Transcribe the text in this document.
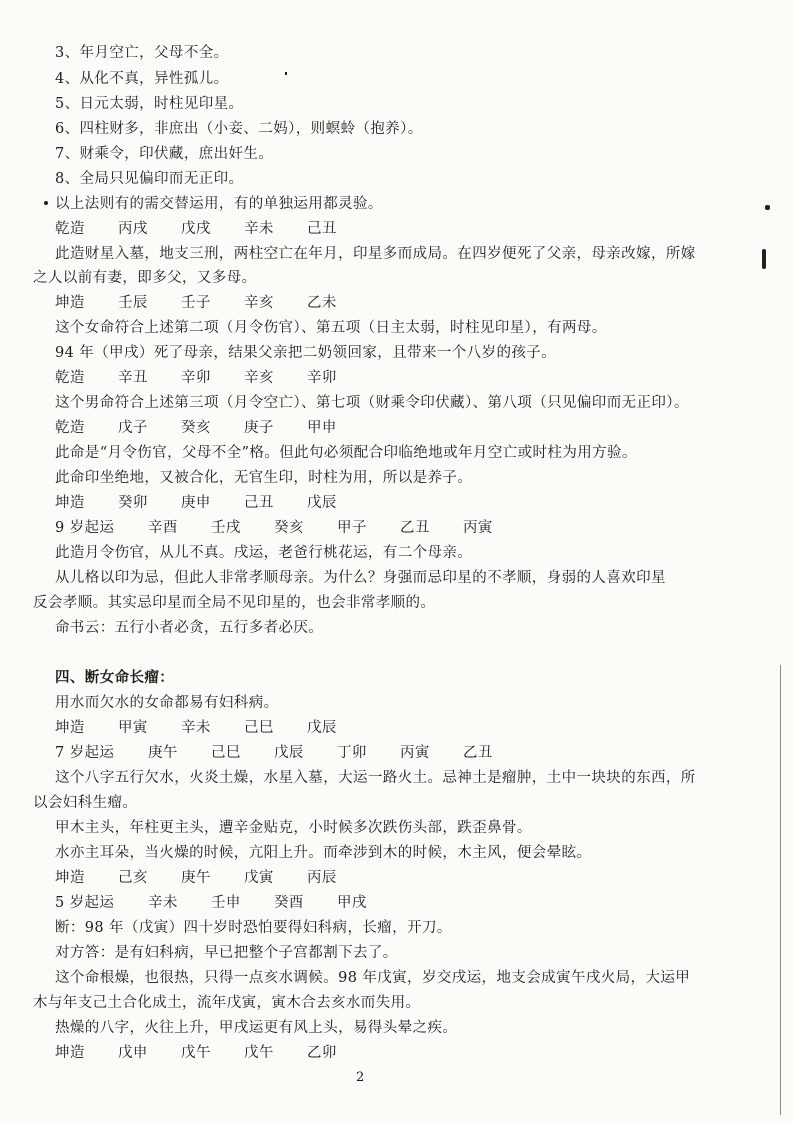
3、年月空亡，父母不全。
4、从化不真，异性孤儿。
5、日元太弱，时柱见印星。
6、四柱财多，非庶出（小妾、二妈），则螟蛉（抱养）。
7、财乘令，印伏藏，庶出奸生。
8、全局只见偏印而无正印。
以上法则有的需交替运用，有的单独运用都灵验。
乾造 丙戌 戊戌 辛未 己丑
此造财星入墓，地支三刑，两柱空亡在年月，印星多而成局。在四岁便死了父亲，母亲改嫁，所嫁
之人以前有妻，即多父，又多母。
坤造 壬辰 壬子 辛亥 乙未
这个女命符合上述第二项（月令伤官）、第五项（日主太弱，时柱见印星），有两母。
94 年（甲戌）死了母亲，结果父亲把二奶领回家，且带来一个八岁的孩子。
乾造 辛丑 辛卯 辛亥 辛卯
这个男命符合上述第三项（月令空亡）、第七项（财乘令印伏藏）、第八项（只见偏印而无正印）。
乾造 戊子 癸亥 庚子 甲申
此命是“月令伤官，父母不全”格。但此句必须配合印临绝地或年月空亡或时柱为用方验。
此命印坐绝地，又被合化，无官生印，时柱为用，所以是养子。
坤造 癸卯 庚申 己丑 戊辰
9 岁起运 辛酉 壬戌 癸亥 甲子 乙丑 丙寅
此造月令伤官，从儿不真。戌运，老爸行桃花运，有二个母亲。
从儿格以印为忌，但此人非常孝顺母亲。为什么？身强而忌印星的不孝顺，身弱的人喜欢印星
反会孝顺。其实忌印星而全局不见印星的，也会非常孝顺的。
命书云：五行小者必贪，五行多者必厌。
四、断女命长瘤：
用水而欠水的女命都易有妇科病。
坤造 甲寅 辛未 己巳 戊辰
7 岁起运 庚午 己巳 戊辰 丁卯 丙寅 乙丑
这个八字五行欠水，火炎土燥，水星入墓，大运一路火土。忌神土是瘤肿，土中一块块的东西，所
以会妇科生瘤。
甲木主头，年柱更主头，遭辛金贴克，小时候多次跌伤头部，跌歪鼻骨。
水亦主耳朵，当火燥的时候，亢阳上升。而牵涉到木的时候，木主风，便会晕眩。
坤造 己亥 庚午 戊寅 丙辰
5 岁起运 辛未 壬申 癸酉 甲戌
断：98 年（戊寅）四十岁时恐怕要得妇科病，长瘤，开刀。
对方答：是有妇科病，早已把整个子宫都割下去了。
这个命根燥，也很热，只得一点亥水调候。98 年戊寅，岁交戌运，地支会成寅午戌火局，大运甲
木与年支己土合化成土，流年戊寅，寅木合去亥水而失用。
热燥的八字，火往上升，甲戌运更有风上头，易得头晕之疾。
坤造 戊申 戊午 戊午 乙卯
2
